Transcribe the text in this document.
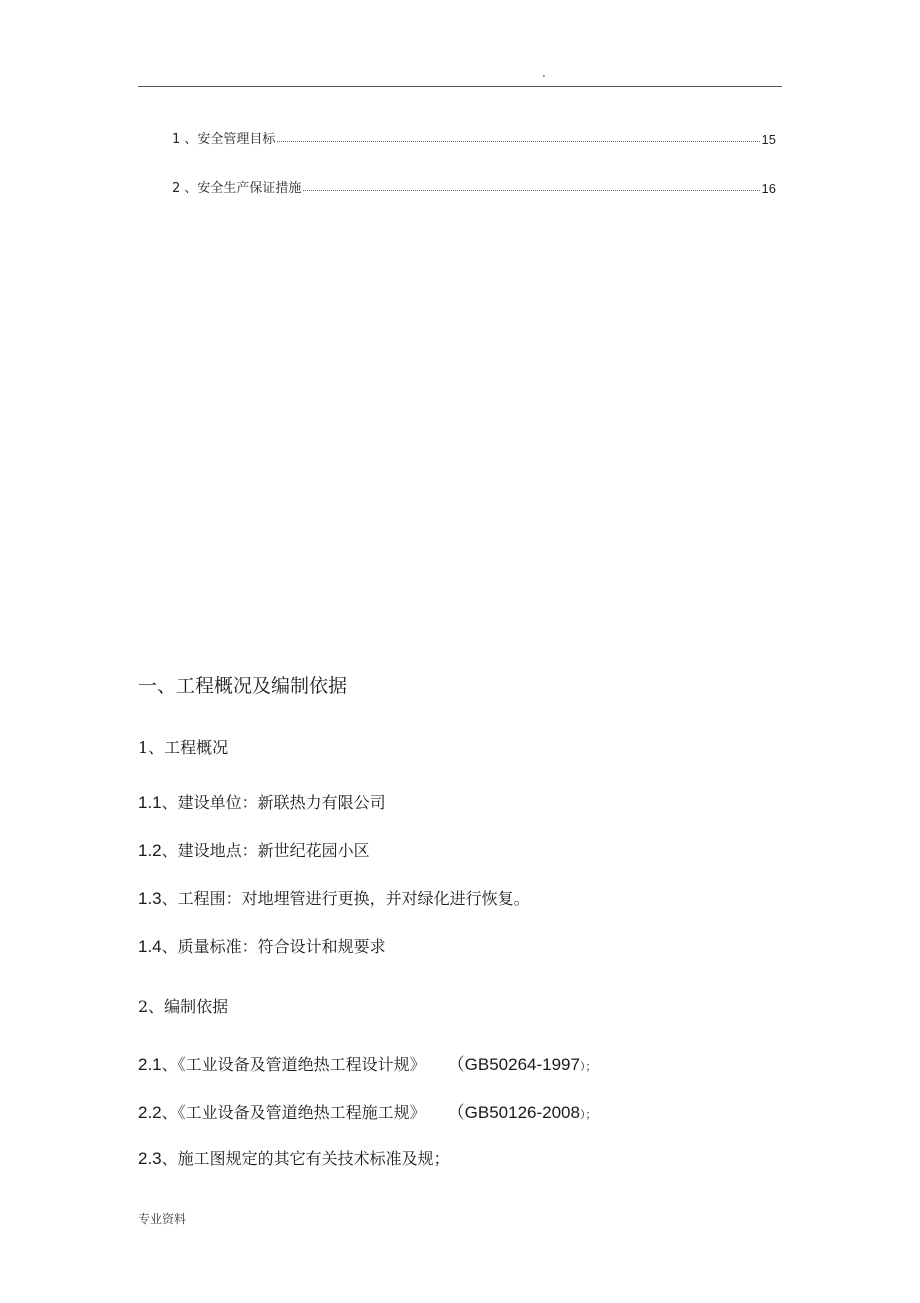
.
1 、安全管理目标	15
2 、安全生产保证措施	16
一、工程概况及编制依据
1、工程概况
1.1、建设单位：新联热力有限公司
1.2、建设地点：新世纪花园小区
1.3、工程围：对地埋管进行更换，并对绿化进行恢复。
1.4、质量标准：符合设计和规要求
2、编制依据
2.1、《工业设备及管道绝热工程设计规》 （GB50264-1997）；
2.2、《工业设备及管道绝热工程施工规》 （GB50126-2008）；
2.3、施工图规定的其它有关技术标准及规；
专业资料
